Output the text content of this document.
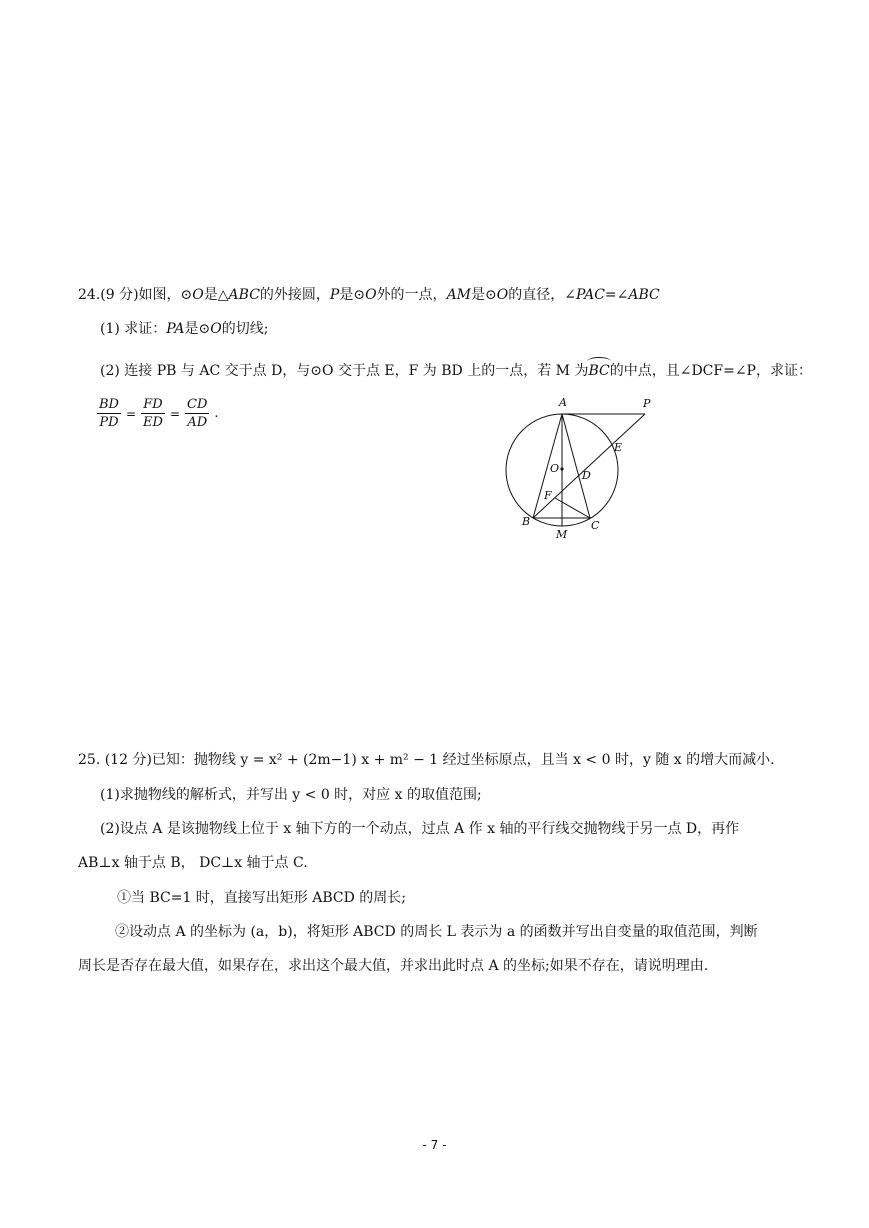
24.(9 分)如图，⊙O是△ABC的外接圆，P是⊙O外的一点，AM是⊙O的直径，∠PAC=∠ABC
(1) 求证：PA是⊙O的切线;
(2) 连接 PB 与 AC 交于点 D，与⊙O 交于点 E，F 为 BD 上的一点，若 M 为BC的中点，且∠DCF=∠P，求证：
$\frac{BD}{PD} = \frac{FD}{ED} = \frac{CD}{AD}$ .
A	P
E
O
D
F
B
M
C
25. (12 分)已知：抛物线 y = x² + (2m−1) x + m² − 1 经过坐标原点，且当 x < 0 时，y 随 x 的增大而减小.
(1)求抛物线的解析式，并写出 y < 0 时，对应 x 的取值范围;
(2)设点 A 是该抛物线上位于 x 轴下方的一个动点，过点 A 作 x 轴的平行线交抛物线于另一点 D，再作
AB⊥x 轴于点 B， DC⊥x 轴于点 C.
①当 BC=1 时，直接写出矩形 ABCD 的周长;
②设动点 A 的坐标为 (a，b)，将矩形 ABCD 的周长 L 表示为 a 的函数并写出自变量的取值范围，判断
周长是否存在最大值，如果存在，求出这个最大值，并求出此时点 A 的坐标;如果不存在，请说明理由.
- 7 -
